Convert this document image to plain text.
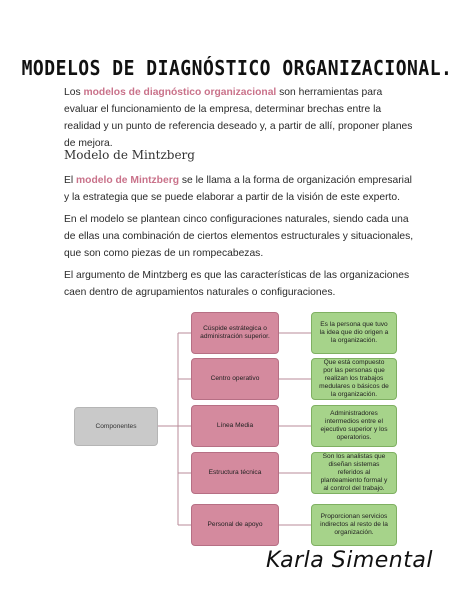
MODELOS DE DIAGNÓSTICO ORGANIZACIONAL.
Los modelos de diagnóstico organizacional son herramientas para evaluar el funcionamiento de la empresa, determinar brechas entre la realidad y un punto de referencia deseado y, a partir de allí, proponer planes de mejora.
Modelo de Mintzberg
El modelo de Mintzberg se le llama a la forma de organización empresarial y la estrategia que se puede elaborar a partir de la visión de este experto.
En el modelo se plantean cinco configuraciones naturales, siendo cada una de ellas una combinación de ciertos elementos estructurales y situacionales, que son como piezas de un rompecabezas.
El argumento de Mintzberg es que las características de las organizaciones caen dentro de agrupamientos naturales o configuraciones.
Componentes
Cúspide estrátegica o administración superior.
Centro operativo
Línea Media
Estructura técnica
Personal de apoyo
Es la persona que tuvo la idea que dio origen a la organización.
Que está compuesto por las personas que realizan los trabajos medulares o básicos de la organización.
Administradores intermedios entre el ejecutivo superior y los operatorios.
Son los analistas que diseñan sistemas referidos al planteamiento formal y al control del trabajo.
Proporcionan servicios indirectos al resto de la organización.
Karla Simental
